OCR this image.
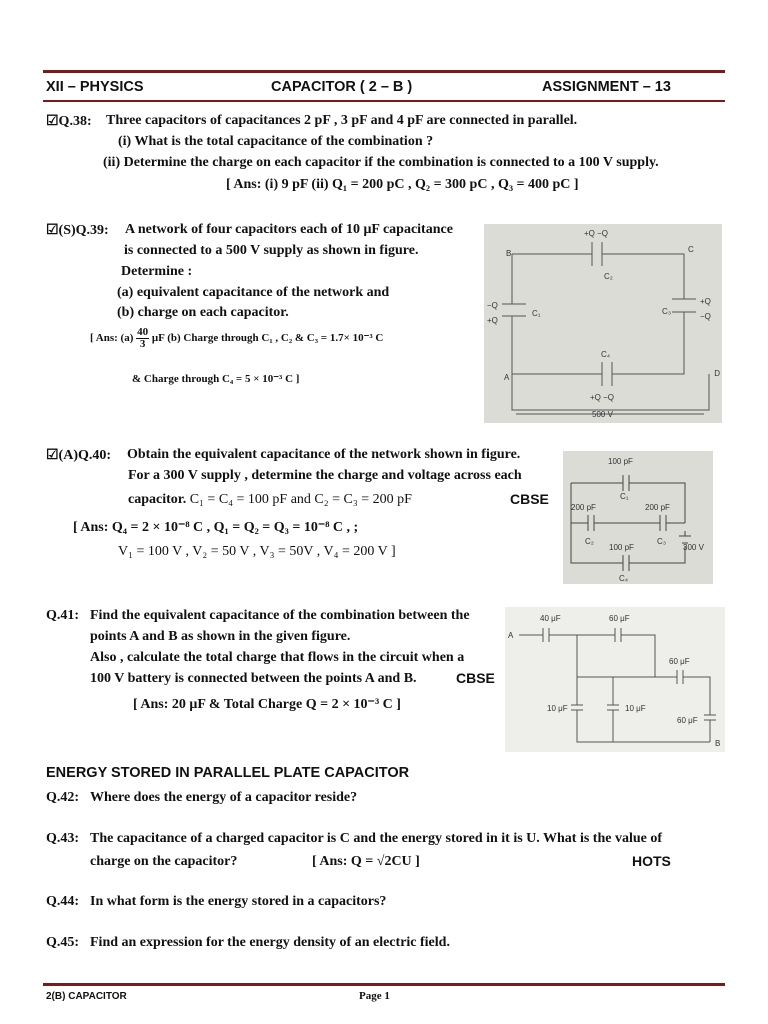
XII – PHYSICS	CAPACITOR ( 2 – B )	ASSIGNMENT – 13
☑Q.38: Three capacitors of capacitances 2 pF , 3 pF and 4 pF are connected in parallel.
(i) What is the total capacitance of the combination ?
(ii) Determine the charge on each capacitor if the combination is connected to a 100 V supply.
[ Ans: (i) 9 pF (ii) Q₁ = 200 pC , Q₂ = 300 pC , Q₃ = 400 pC ]
☑(S)Q.39: A network of four capacitors each of 10 μF capacitance
is connected to a 500 V supply as shown in figure.
Determine :
(a) equivalent capacitance of the network and
(b) charge on each capacitor.
[ Ans: $(a) \frac{40}{3}$ μF (b) Charge through C₁ , C₂ & C₃ = 1.7× 10⁻³ C
& Charge through C₄ = 5 × 10⁻³ C ]
B	C
A	D
+Q −Q
C₂
−Q
+Q
C₁	C₃
+Q
−Q
C₄
+Q −Q
500 V
☑(A)Q.40: Obtain the equivalent capacitance of the network shown in figure.
For a 300 V supply , determine the charge and voltage across each
capacitor. C₁ = C₄ = 100 pF and C₂ = C₃ = 200 pF	CBSE
[ Ans: Q₄ = 2 × 10⁻⁸ C , Q₁ = Q₂ = Q₃ = 10⁻⁸ C , ;
V₁ = 100 V , V₂ = 50 V , V₃ = 50V , V₄ = 200 V ]
100 pF
C₁
200 pF
C₂
200 pF
C₃
100 pF
C₄
300 V
Q.41: Find the equivalent capacitance of the combination between the
points A and B as shown in the given figure.
Also , calculate the total charge that flows in the circuit when a
100 V battery is connected between the points A and B.	CBSE
[ Ans: 20 μF & Total Charge Q = 2 × 10⁻³ C ]
A
B
40 μF	60 μF
60 μF
10 μF	10 μF
60 μF
ENERGY STORED IN PARALLEL PLATE CAPACITOR
Q.42: Where does the energy of a capacitor reside?
Q.43: The capacitance of a charged capacitor is C and the energy stored in it is U. What is the value of
charge on the capacitor?	[ Ans: Q = √2CU ]	HOTS
Q.44: In what form is the energy stored in a capacitors?
Q.45: Find an expression for the energy density of an electric field.
2(B) CAPACITOR	Page 1
